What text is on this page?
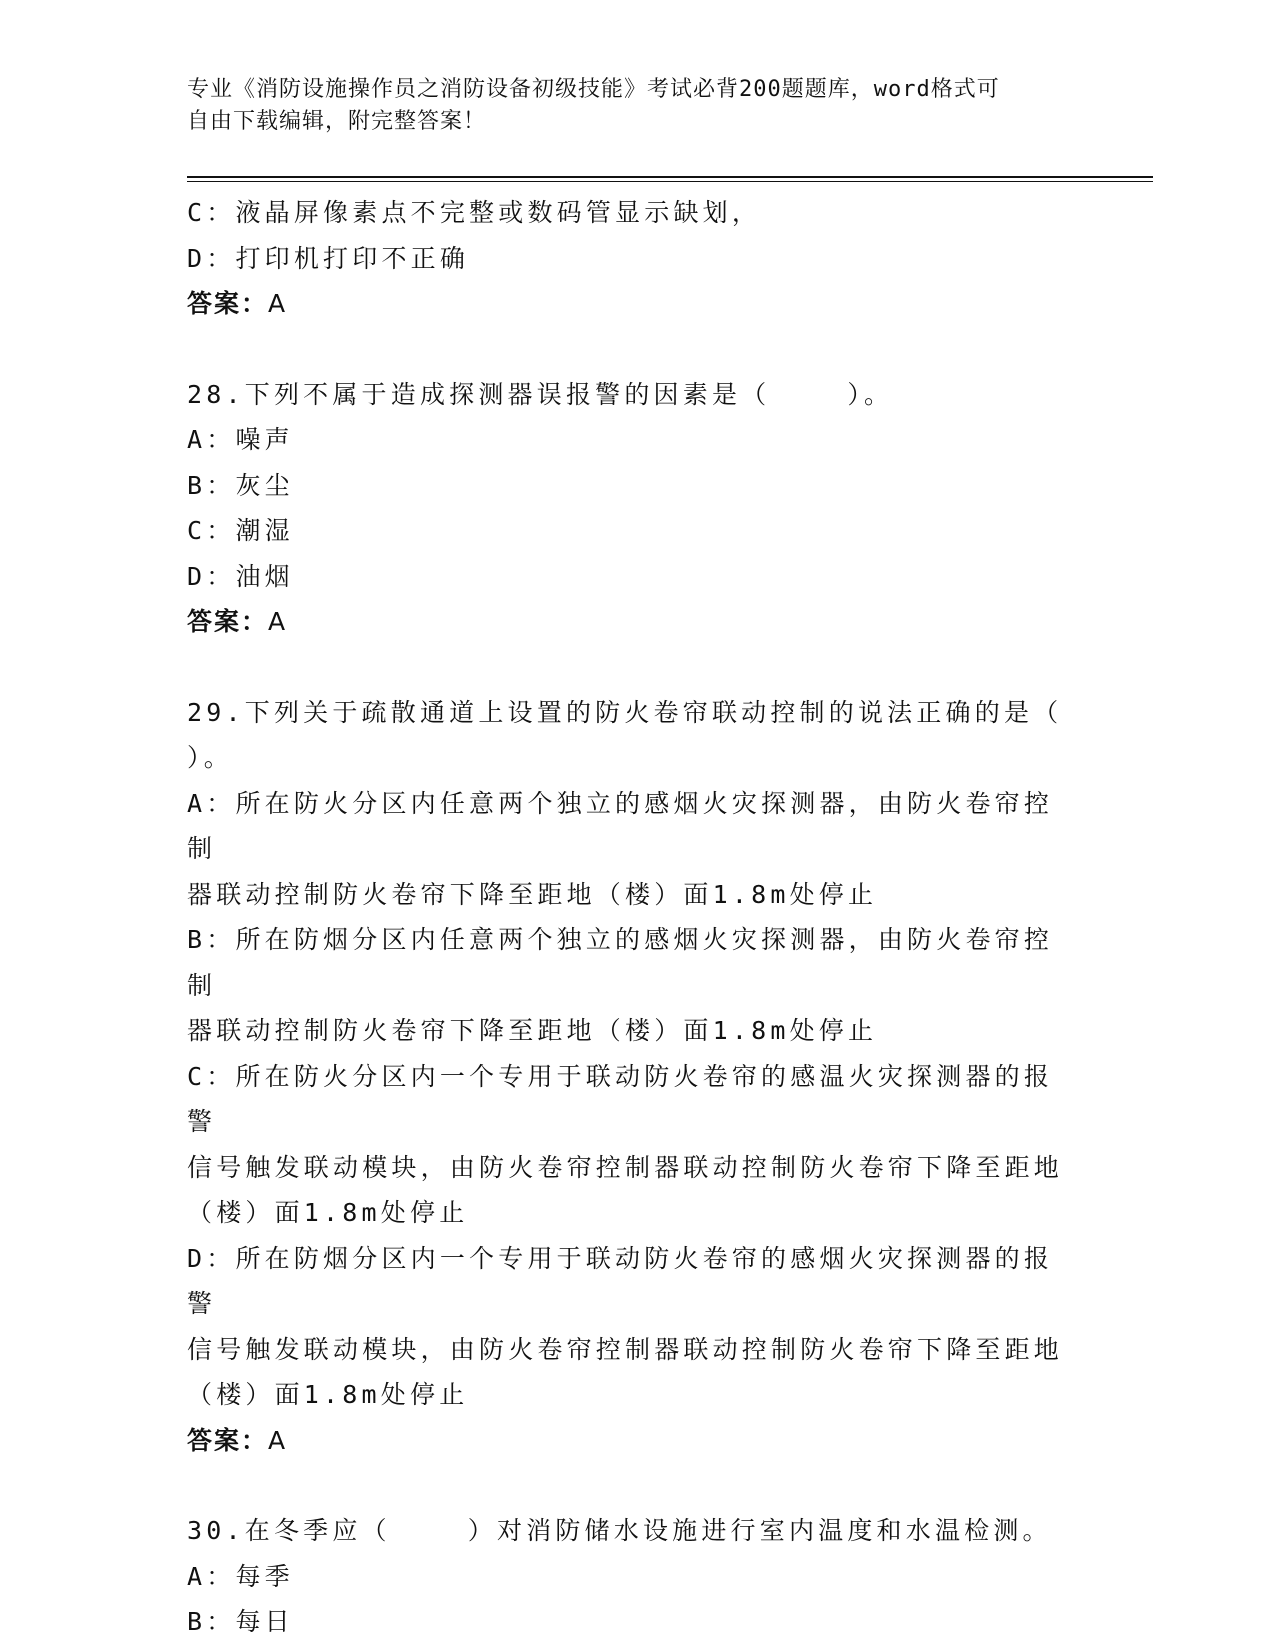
专业《消防设施操作员之消防设备初级技能》考试必背200题题库，word格式可
自由下载编辑，附完整答案！

C：液晶屏像素点不完整或数码管显示缺划，

D：打印机打印不正确

答案：A

28.下列不属于造成探测器误报警的因素是（    ）。

A：噪声

B：灰尘

C：潮湿

D：油烟

答案：A

29.下列关于疏散通道上设置的防火卷帘联动控制的说法正确的是（

）。

A：所在防火分区内任意两个独立的感烟火灾探测器，由防火卷帘控制

器联动控制防火卷帘下降至距地（楼）面1.8m处停止

B：所在防烟分区内任意两个独立的感烟火灾探测器，由防火卷帘控制

器联动控制防火卷帘下降至距地（楼）面1.8m处停止

C：所在防火分区内一个专用于联动防火卷帘的感温火灾探测器的报警

信号触发联动模块，由防火卷帘控制器联动控制防火卷帘下降至距地

（楼）面1.8m处停止

D：所在防烟分区内一个专用于联动防火卷帘的感烟火灾探测器的报警

信号触发联动模块，由防火卷帘控制器联动控制防火卷帘下降至距地

（楼）面1.8m处停止

答案：A

30.在冬季应（    ）对消防储水设施进行室内温度和水温检测。

A：每季

B：每日
